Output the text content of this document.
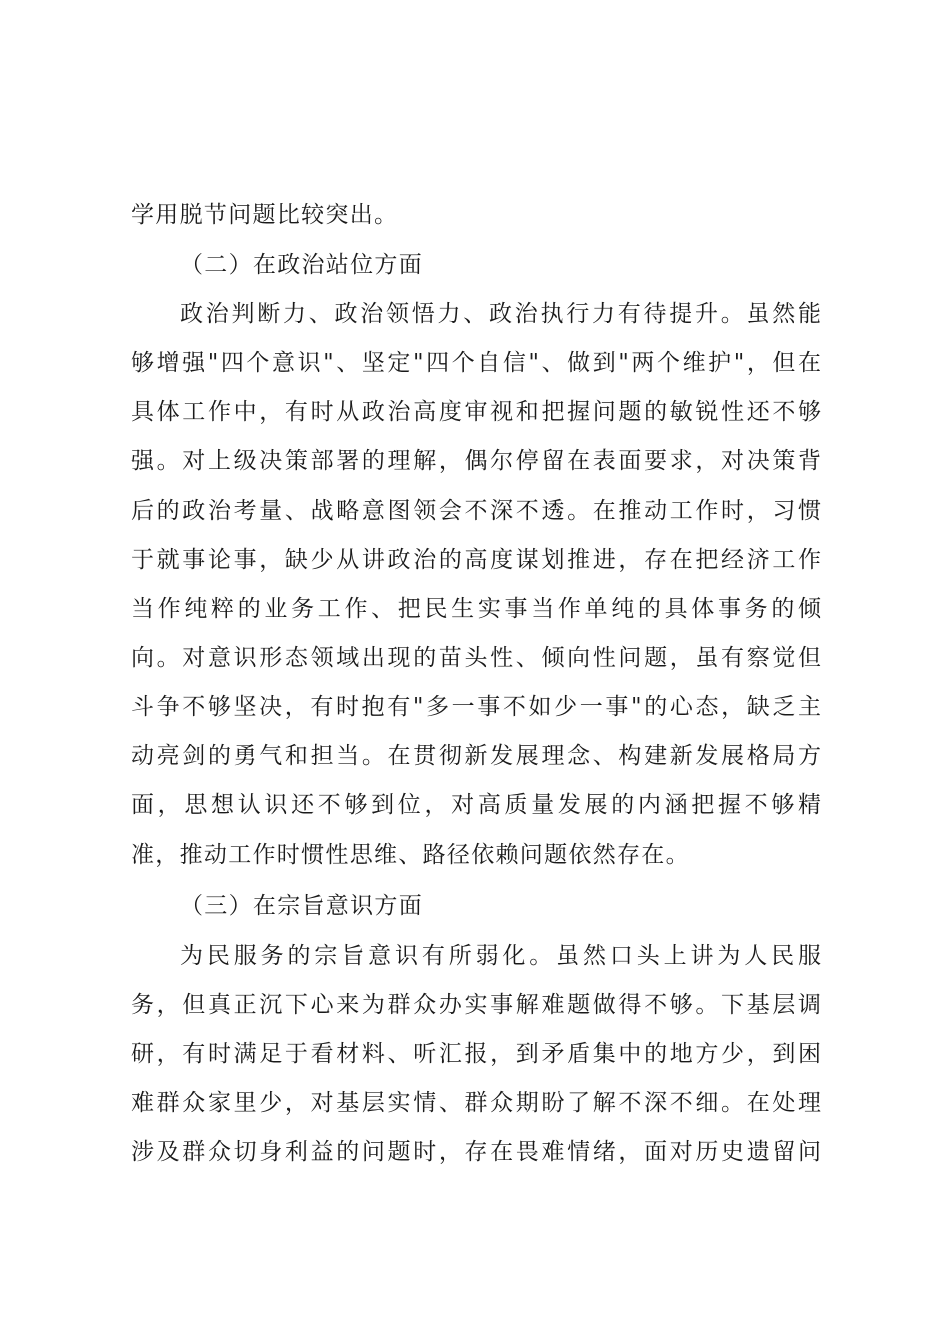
学用脱节问题比较突出。
（二）在政治站位方面
政治判断力、政治领悟力、政治执行力有待提升。虽然能
够增强"四个意识"、坚定"四个自信"、做到"两个维护"，但在
具体工作中，有时从政治高度审视和把握问题的敏锐性还不够
强。对上级决策部署的理解，偶尔停留在表面要求，对决策背
后的政治考量、战略意图领会不深不透。在推动工作时，习惯
于就事论事，缺少从讲政治的高度谋划推进，存在把经济工作
当作纯粹的业务工作、把民生实事当作单纯的具体事务的倾
向。对意识形态领域出现的苗头性、倾向性问题，虽有察觉但
斗争不够坚决，有时抱有"多一事不如少一事"的心态，缺乏主
动亮剑的勇气和担当。在贯彻新发展理念、构建新发展格局方
面，思想认识还不够到位，对高质量发展的内涵把握不够精
准，推动工作时惯性思维、路径依赖问题依然存在。
（三）在宗旨意识方面
为民服务的宗旨意识有所弱化。虽然口头上讲为人民服
务，但真正沉下心来为群众办实事解难题做得不够。下基层调
研，有时满足于看材料、听汇报，到矛盾集中的地方少，到困
难群众家里少，对基层实情、群众期盼了解不深不细。在处理
涉及群众切身利益的问题时，存在畏难情绪，面对历史遗留问
